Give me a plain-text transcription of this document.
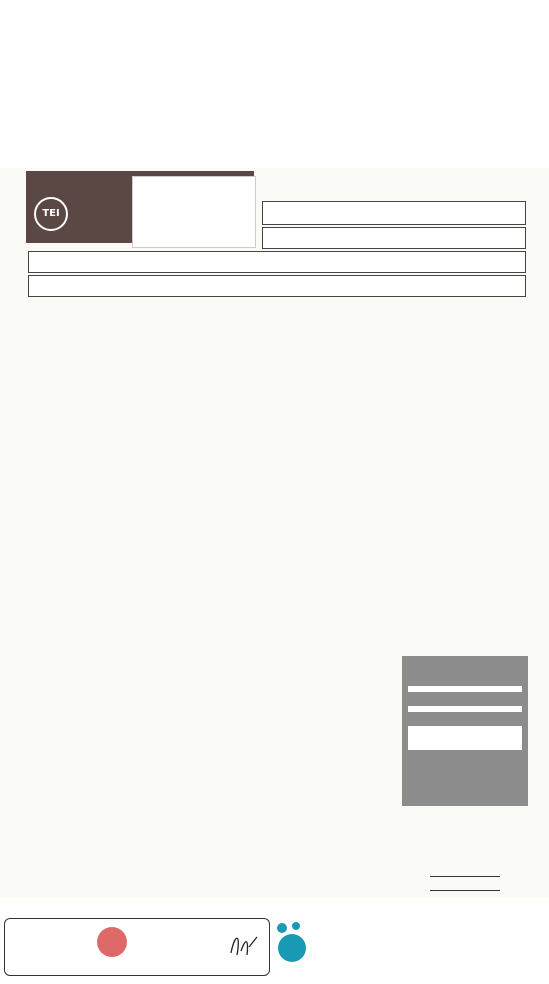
TEI
